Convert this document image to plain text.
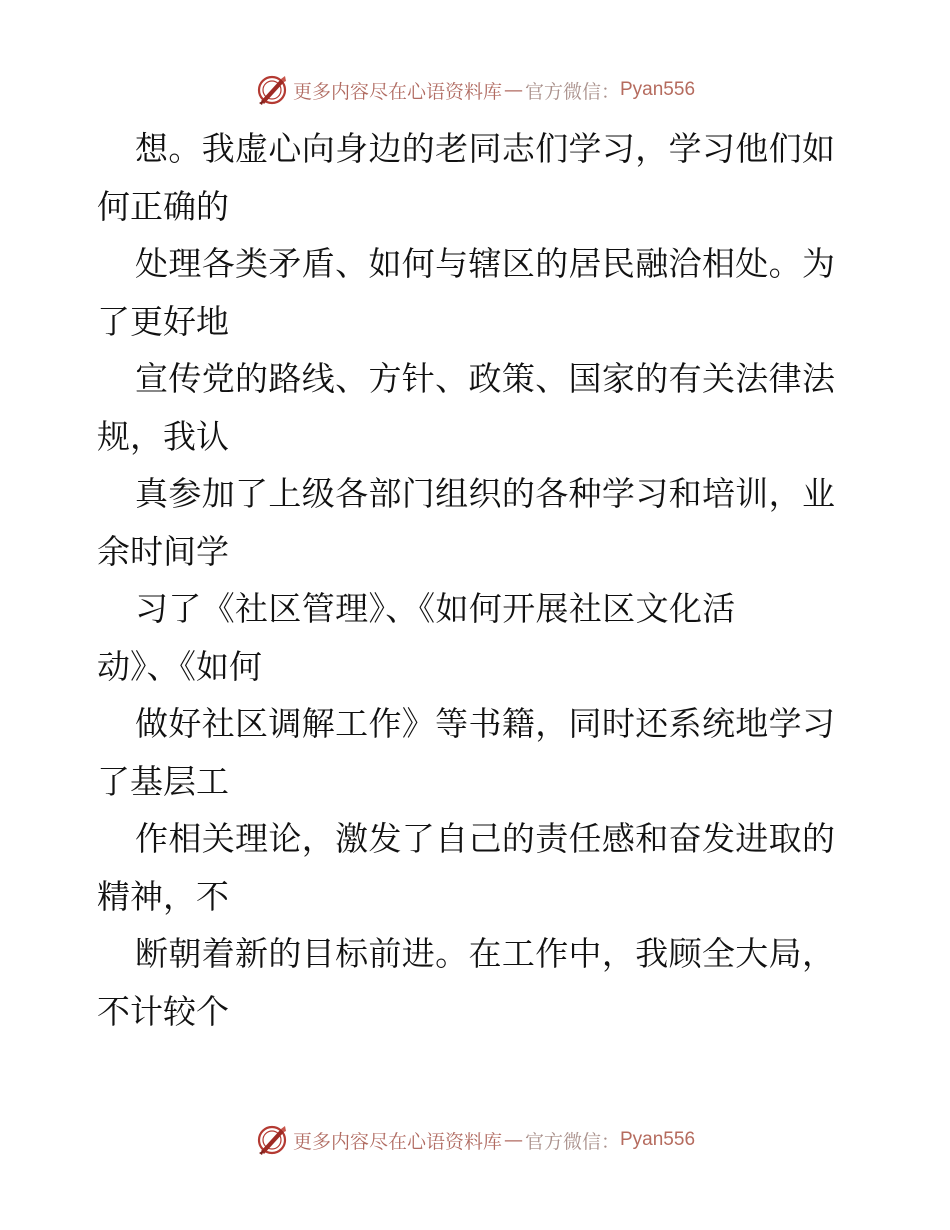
更多内容尽在心语资料库 — 官方微信： Pyan556
想。我虚心向身边的老同志们学习，学习他们如
何正确的
处理各类矛盾、如何与辖区的居民融洽相处。为
了更好地
宣传党的路线、方针、政策、国家的有关法律法
规，我认
真参加了上级各部门组织的各种学习和培训，业
余时间学
习了《社区管理》、《如何开展社区文化活
动》、《如何
做好社区调解工作》等书籍，同时还系统地学习
了基层工
作相关理论，激发了自己的责任感和奋发进取的
精神，不
断朝着新的目标前进。在工作中，我顾全大局，
不计较个
更多内容尽在心语资料库 — 官方微信： Pyan556
